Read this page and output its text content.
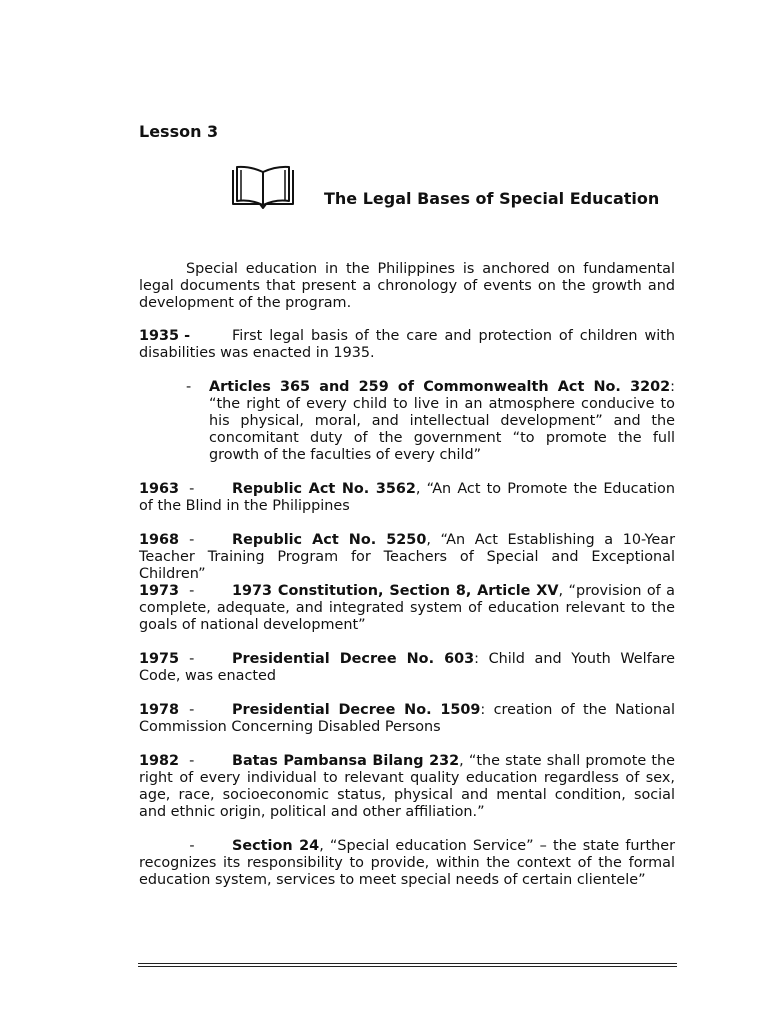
Lesson 3
The Legal Bases of Special Education

Special education in the Philippines is anchored on fundamental legal documents that present a chronology of events on the growth and development of the program.

1935 -	First legal basis of the care and protection of children with disabilities was enacted in 1935.

- Articles 365 and 259 of Commonwealth Act No. 3202: “the right of every child to live in an atmosphere conducive to his physical, moral, and intellectual development” and the concomitant duty of the government “to promote the full growth of the faculties of every child”

1963 -	Republic Act No. 3562, “An Act to Promote the Education of the Blind in the Philippines

1968 -	Republic Act No. 5250, “An Act Establishing a 10-Year Teacher Training Program for Teachers of Special and Exceptional Children”

1973 -	1973 Constitution, Section 8, Article XV, “provision of a complete, adequate, and integrated system of education relevant to the goals of national development”

1975 -	Presidential Decree No. 603: Child and Youth Welfare Code, was enacted

1978 -	Presidential Decree No. 1509: creation of the National Commission Concerning Disabled Persons

1982 -	Batas Pambansa Bilang 232, “the state shall promote the right of every individual to relevant quality education regardless of sex, age, race, socioeconomic status, physical and mental condition, social and ethnic origin, political and other affiliation.”

-	Section 24, “Special education Service” – the state further recognizes its responsibility to provide, within the context of the formal education system, services to meet special needs of certain clientele”
